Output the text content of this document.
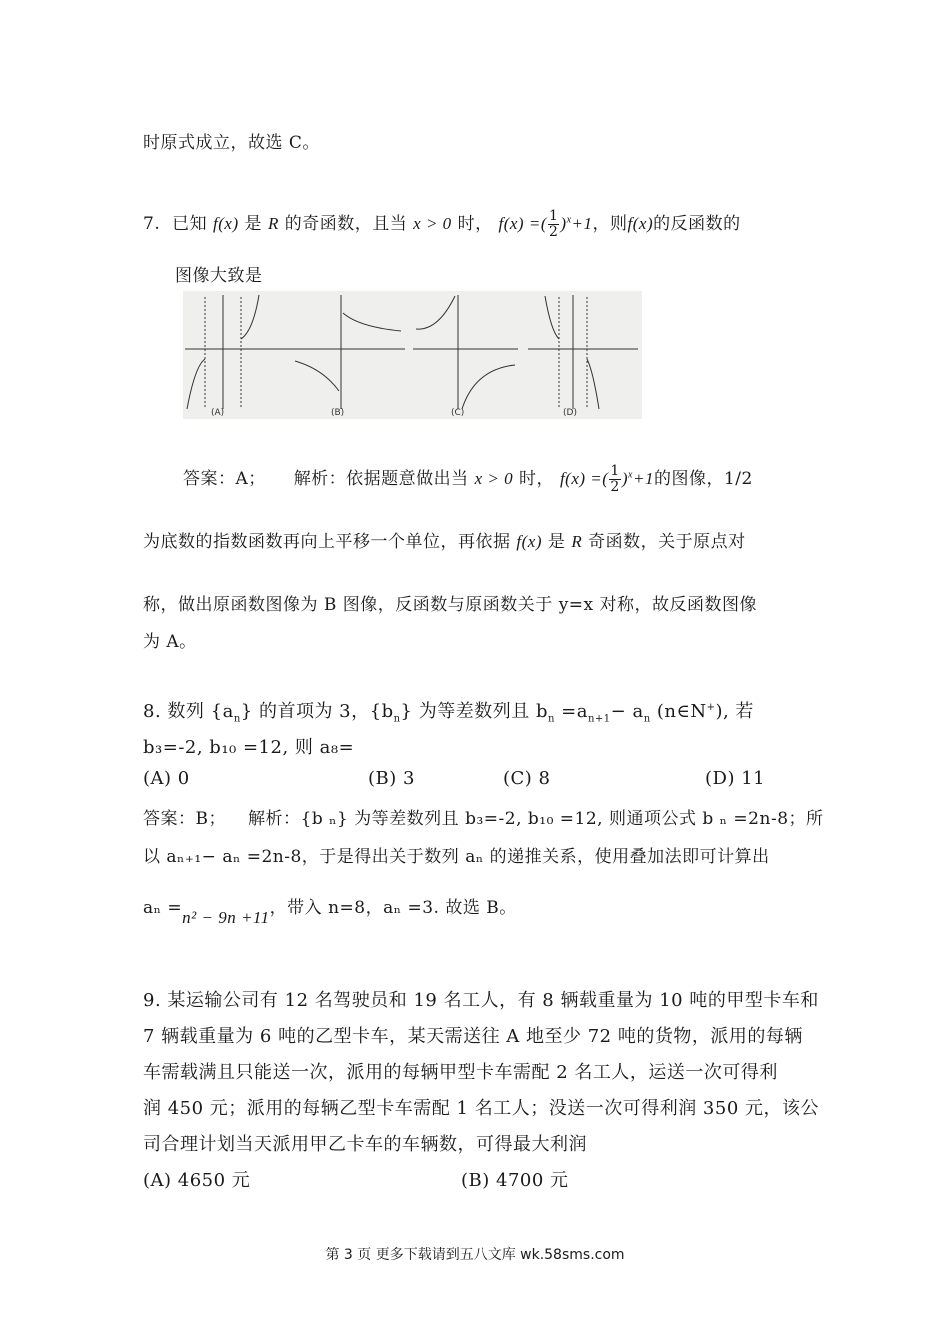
时原式成立，故选 C。
7. 已知 f(x) 是 R 的奇函数，且当 x > 0 时， f(x) =( $\frac{1}{2} )^x+1$，则f(x)的反函数的
图像大致是
(A)	(B)	(C)	(D)
答案：A； 解析：依据题意做出当 x > 0 时， f(x) =( $\frac{1}{2} )^x+1$的图像，1/2
为底数的指数函数再向上平移一个单位，再依据 f(x) 是 R 奇函数，关于原点对
称，做出原函数图像为 B 图像，反函数与原函数关于 y=x 对称，故反函数图像
为 A。
8. 数列 $\{a_n\}$ 的首项为 3，$\{b_n\}$ 为等差数列且 $b_n =a_{n+1}- a_n$ (n∈N+), 若
b₃=-2, b₁₀ =12, 则 a₈=
(A) 0	(B) 3	(C) 8	(D) 11
答案：B； 解析：{b ₙ} 为等差数列且 b₃=-2, b₁₀ =12, 则通项公式 b ₙ =2n-8；所
以 aₙ₊₁− aₙ =2n-8，于是得出关于数列 aₙ 的递推关系，使用叠加法即可计算出
aₙ =n² − 9n +11，带入 n=8，aₙ =3. 故选 B。
9. 某运输公司有 12 名驾驶员和 19 名工人，有 8 辆载重量为 10 吨的甲型卡车和
7 辆载重量为 6 吨的乙型卡车，某天需送往 A 地至少 72 吨的货物，派用的每辆
车需载满且只能送一次，派用的每辆甲型卡车需配 2 名工人，运送一次可得利
润 450 元；派用的每辆乙型卡车需配 1 名工人；没送一次可得利润 350 元，该公
司合理计划当天派用甲乙卡车的车辆数，可得最大利润
(A) 4650 元	(B) 4700 元
第 3 页 更多下载请到五八文库 wk.58sms.com
